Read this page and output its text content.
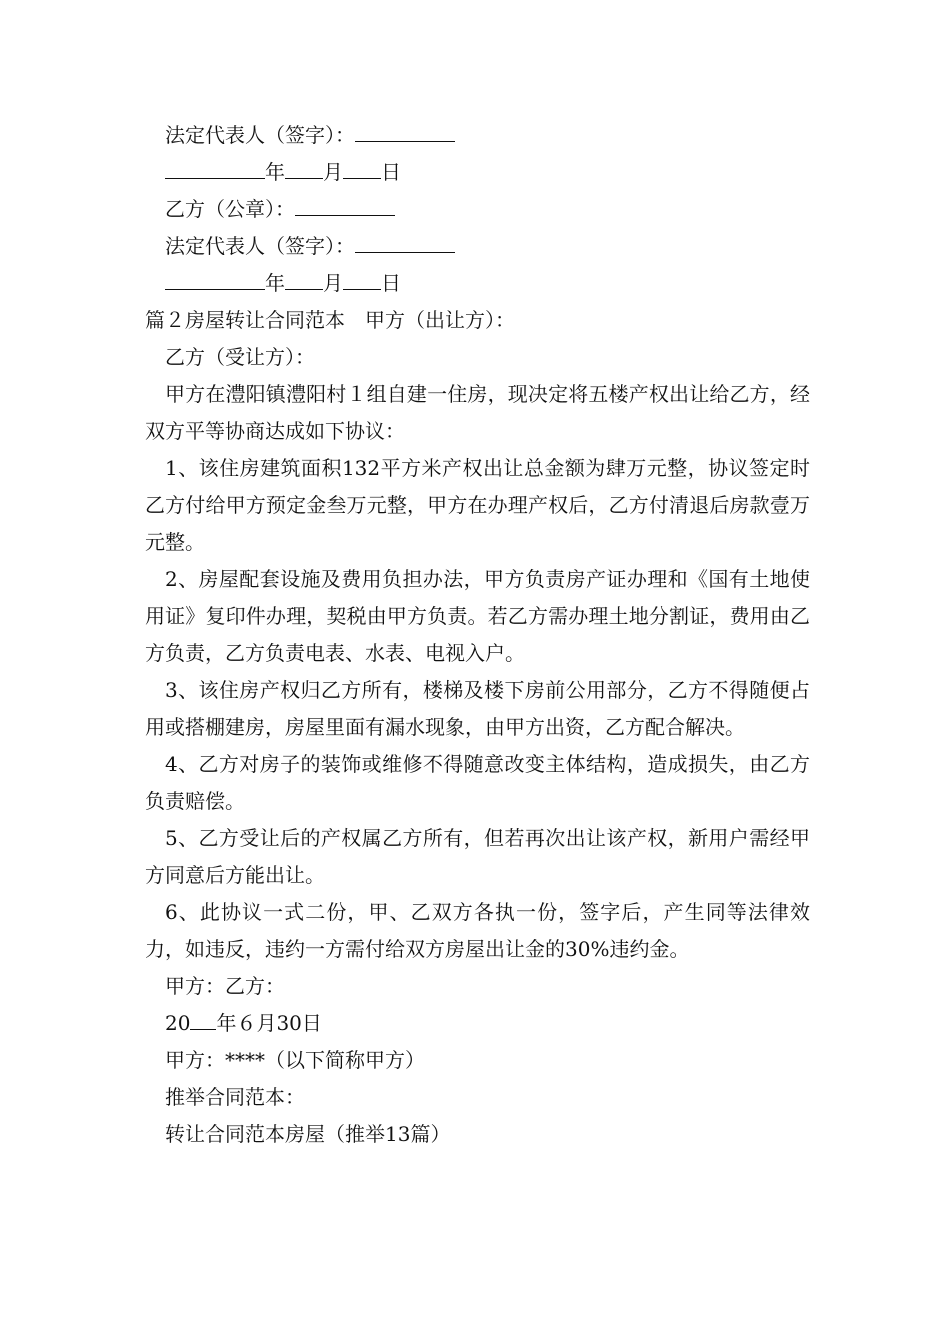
法定代表人（签字）：

年 月 日

乙方（公章）：

法定代表人（签字）：

年 月 日

篇２房屋转让合同范本 甲方（出让方）：

乙方（受让方）：

甲方在澧阳镇澧阳村１组自建一住房，现决定将五楼产权出让给乙方，经双方平等协商达成如下协议：

1、该住房建筑面积132平方米产权出让总金额为肆万元整，协议签定时乙方付给甲方预定金叁万元整，甲方在办理产权后，乙方付清退后房款壹万元整。

2、房屋配套设施及费用负担办法，甲方负责房产证办理和《国有土地使用证》复印件办理，契税由甲方负责。若乙方需办理土地分割证，费用由乙方负责，乙方负责电表、水表、电视入户。

3、该住房产权归乙方所有，楼梯及楼下房前公用部分，乙方不得随便占用或搭棚建房，房屋里面有漏水现象，由甲方出资，乙方配合解决。

4、乙方对房子的装饰或维修不得随意改变主体结构，造成损失，由乙方负责赔偿。

5、乙方受让后的产权属乙方所有，但若再次出让该产权，新用户需经甲方同意后方能出让。

6、此协议一式二份，甲、乙双方各执一份，签字后，产生同等法律效力，如违反，违约一方需付给双方房屋出让金的30%违约金。

甲方：乙方：

20 年６月30日

甲方：****（以下简称甲方）

推举合同范本：

转让合同范本房屋（推举13篇）
